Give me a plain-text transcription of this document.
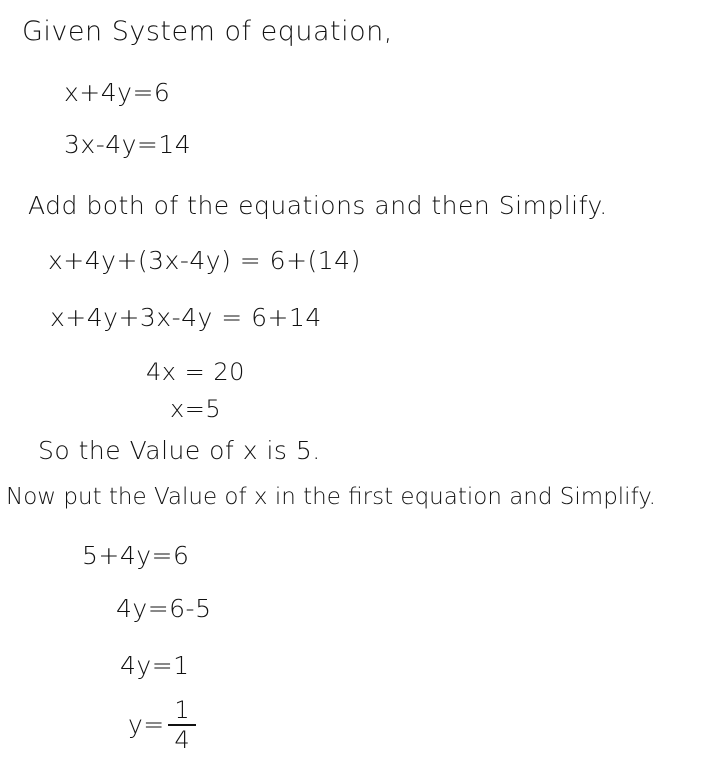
Given System of equation,
x+4y=6
3x-4y=14
Add both of the equations and then Simplify.
x+4y+(3x-4y) = 6+(14)
x+4y+3x-4y = 6+14
4x = 20
x=5
So the Value of x is 5.
Now put the Value of x in the first equation and Simplify.
5+4y=6
4y=6-5
4y=1
y= 1
4
